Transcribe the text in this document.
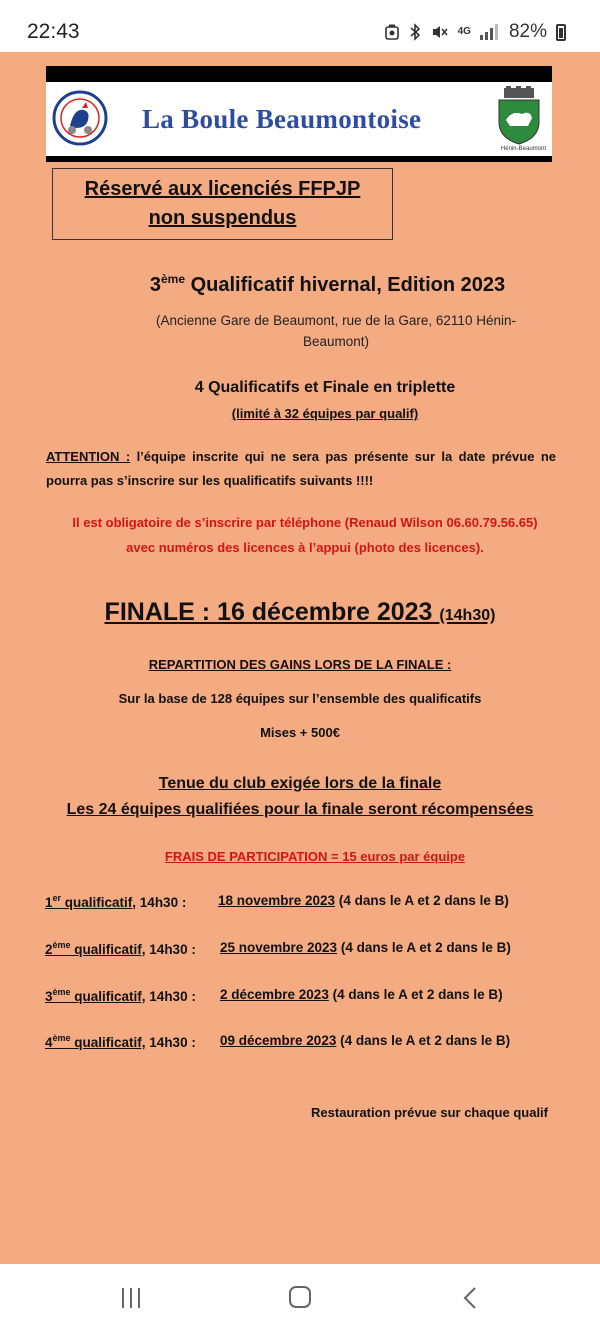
22:43	4G 82%
La Boule Beaumontoise
Hénin-Beaumont
Réservé aux licenciés FFPJP
non suspendus
3ème Qualificatif hivernal, Edition 2023
(Ancienne Gare de Beaumont, rue de la Gare, 62110 Hénin-
Beaumont)
4 Qualificatifs et Finale en triplette
(limité à 32 équipes par qualif)
ATTENTION : l’équipe inscrite qui ne sera pas présente sur la date prévue ne pourra pas s’inscrire sur les qualificatifs suivants !!!!
Il est obligatoire de s’inscrire par téléphone (Renaud Wilson 06.60.79.56.65)
avec numéros des licences à l’appui (photo des licences).
FINALE : 16 décembre 2023 (14h30)
REPARTITION DES GAINS LORS DE LA FINALE :
Sur la base de 128 équipes sur l’ensemble des qualificatifs
Mises + 500€
Tenue du club exigée lors de la finale
Les 24 équipes qualifiées pour la finale seront récompensées
FRAIS DE PARTICIPATION = 15 euros par équipe
1er qualificatif, 14h30 : 18 novembre 2023 (4 dans le A et 2 dans le B)
2ème qualificatif, 14h30 : 25 novembre 2023 (4 dans le A et 2 dans le B)
3ème qualificatif, 14h30 : 2 décembre 2023 (4 dans le A et 2 dans le B)
4ème qualificatif, 14h30 : 09 décembre 2023 (4 dans le A et 2 dans le B)
Restauration prévue sur chaque qualif
